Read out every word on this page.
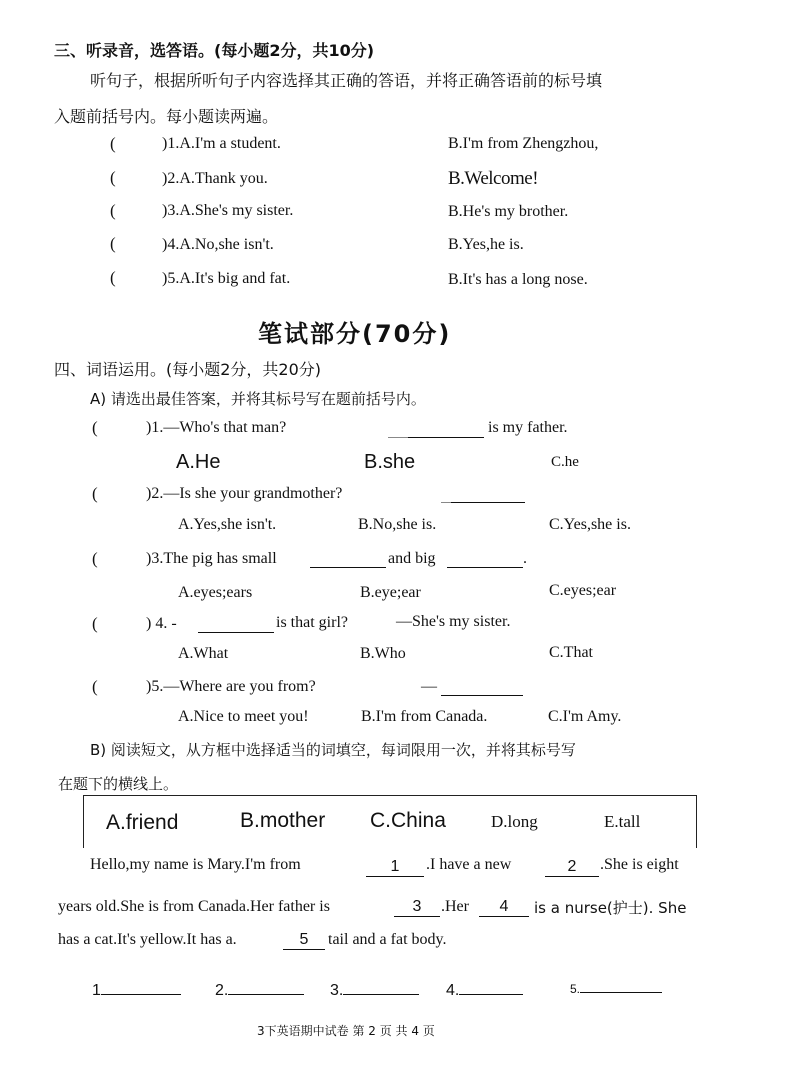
三、听录音，选答语。(每小题2分，共10分)
听句子，根据所听句子内容选择其正确的答语，并将正确答语前的标号填
入题前括号内。每小题读两遍。
(	)1.A.I'm a student.	B.I'm from Zhengzhou,
(	)2.A.Thank you.	B.Welcome!
(	)3.A.She's my sister.	B.He's my brother.
(	)4.A.No,she isn't.	B.Yes,he is.
(	)5.A.It's big and fat.	B.It's has a long nose.
笔试部分(70分)
四、词语运用。(每小题2分，共20分)
A) 请选出最佳答案，并将其标号写在题前括号内。
(	)1.—Who's that man?	is my father.
A.He	B.she	C.he
(	)2.—Is she your grandmother?
A.Yes,she isn't.	B.No,she is.	C.Yes,she is.
(	)3.The pig has small	and big	.
A.eyes;ears	B.eye;ear	C.eyes;ear
(	) 4. -	is that girl?	—She's my sister.
A.What	B.Who	C.That
(	)5.—Where are you from?	—
A.Nice to meet you!	B.I'm from Canada.	C.I'm Amy.
B) 阅读短文，从方框中选择适当的词填空，每词限用一次，并将其标号写
在题下的横线上。
A.friend	B.mother C.China	D.long	E.tall
Hello,my name is Mary.I'm from	1	.I have a new	2	.She is eight
years old.She is from Canada.Her father is	3	.Her	4	is a nurse(护士). She
has a cat.It's yellow.It has a.	5	tail and a fat body.
1	2.	3.	4.	5.
3下英语期中试卷 第 2 页 共 4 页
